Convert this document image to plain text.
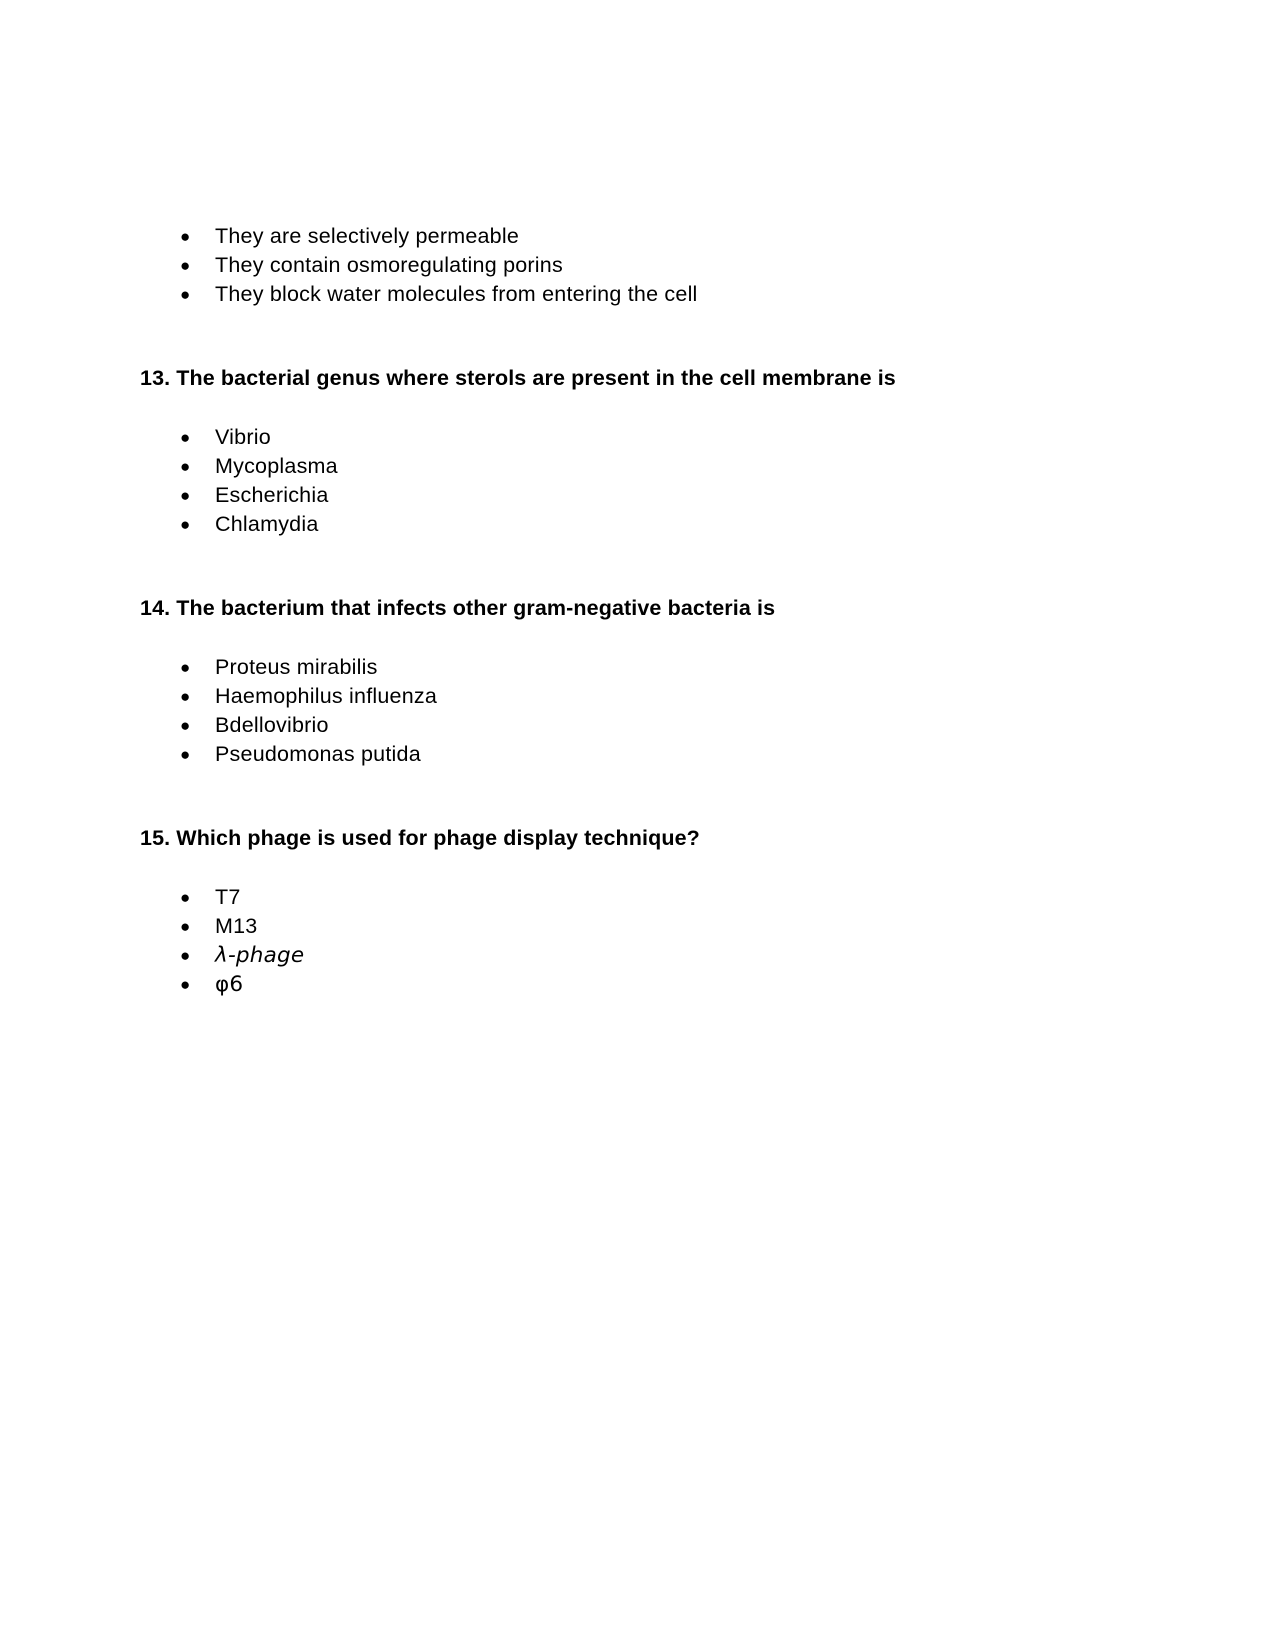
● They are selectively permeable
● They contain osmoregulating porins
● They block water molecules from entering the cell

13. The bacterial genus where sterols are present in the cell membrane is

● Vibrio
● Mycoplasma
● Escherichia
● Chlamydia

14. The bacterium that infects other gram-negative bacteria is

● Proteus mirabilis
● Haemophilus influenza
● Bdellovibrio
● Pseudomonas putida

15. Which phage is used for phage display technique?

● T7
● M13
● λ-phage
● φ6
